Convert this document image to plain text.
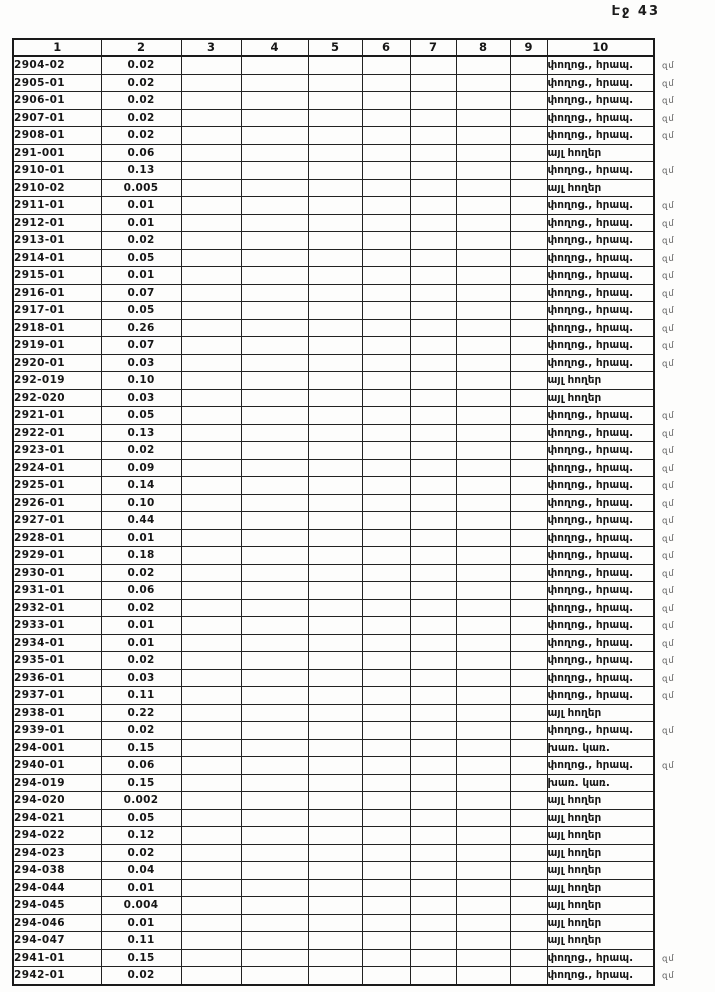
Էջ 43
1	2	3	4	5	6	7	8	9	10
2904-02	0.02								փողոց., հրապ. զմ

2905-01	0.02								փողոց., հրապ. զմ

2906-01	0.02								փողոց., հրապ. զմ

2907-01	0.02								փողոց., հրապ. զմ

2908-01	0.02								փողոց., հրապ. զմ

291-001	0.06								այլ հողեր

2910-01	0.13								փողոց., հրապ. զմ

2910-02	0.005								այլ հողեր

2911-01	0.01								փողոց., հրապ. զմ

2912-01	0.01								փողոց., հրապ. զմ

2913-01	0.02								փողոց., հրապ. զմ

2914-01	0.05								փողոց., հրապ. զմ

2915-01	0.01								փողոց., հրապ. զմ

2916-01	0.07								փողոց., հրապ. զմ

2917-01	0.05								փողոց., հրապ. զմ

2918-01	0.26								փողոց., հրապ. զմ

2919-01	0.07								փողոց., հրապ. զմ

2920-01	0.03								փողոց., հրապ. զմ

292-019	0.10								այլ հողեր

292-020	0.03								այլ հողեր

2921-01	0.05								փողոց., հրապ. զմ

2922-01	0.13								փողոց., հրապ. զմ

2923-01	0.02								փողոց., հրապ. զմ

2924-01	0.09								փողոց., հրապ. զմ

2925-01	0.14								փողոց., հրապ. զմ

2926-01	0.10								փողոց., հրապ. զմ

2927-01	0.44								փողոց., հրապ. զմ

2928-01	0.01								փողոց., հրապ. զմ

2929-01	0.18								փողոց., հրապ. զմ

2930-01	0.02								փողոց., հրապ. զմ

2931-01	0.06								փողոց., հրապ. զմ

2932-01	0.02								փողոց., հրապ. զմ

2933-01	0.01								փողոց., հրապ. զմ

2934-01	0.01								փողոց., հրապ. զմ

2935-01	0.02								փողոց., հրապ. զմ

2936-01	0.03								փողոց., հրապ. զմ

2937-01	0.11								փողոց., հրապ. զմ

2938-01	0.22								այլ հողեր

2939-01	0.02								փողոց., հրապ. զմ

294-001	0.15								խառ. կառ.

2940-01	0.06								փողոց., հրապ. զմ

294-019	0.15								խառ. կառ.

294-020	0.002								այլ հողեր

294-021	0.05								այլ հողեր

294-022	0.12								այլ հողեր

294-023	0.02								այլ հողեր

294-038	0.04								այլ հողեր

294-044	0.01								այլ հողեր

294-045	0.004								այլ հողեր

294-046	0.01								այլ հողեր

294-047	0.11								այլ հողեր

2941-01	0.15								փողոց., հրապ. զմ

2942-01	0.02								փողոց., հրապ. զմ
